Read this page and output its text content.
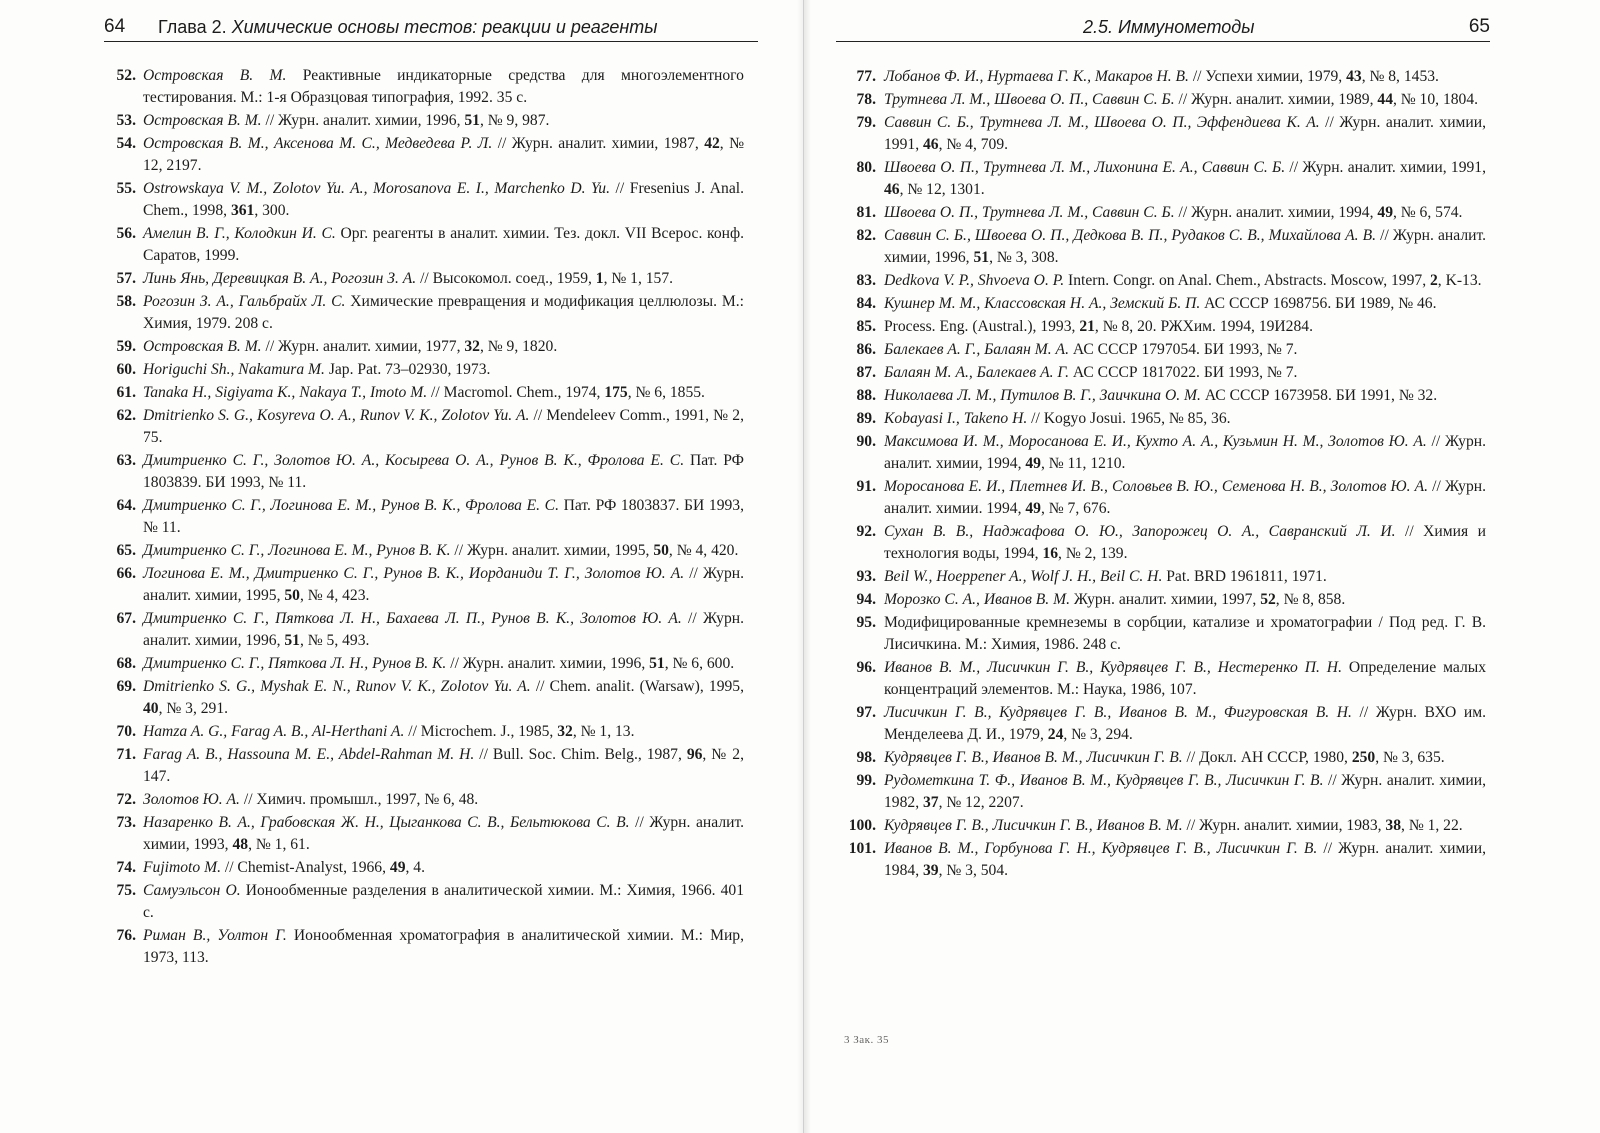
64 Глава 2. Химические основы тестов: реакции и реагенты
52. Островская В. М. Реактивные индикаторные средства для многоэлементного тестирования. М.: 1-я Образцовая типография, 1992. 35 с.
53. Островская В. М. // Журн. аналит. химии, 1996, 51, № 9, 987.
54. Островская В. М., Аксенова М. С., Медведева Р. Л. // Журн. аналит. химии, 1987, 42, № 12, 2197.
55. Ostrowskaya V. M., Zolotov Yu. A., Morosanova E. I., Marchenko D. Yu. // Fresenius J. Anal. Chem., 1998, 361, 300.
56. Амелин В. Г., Колодкин И. С. Орг. реагенты в аналит. химии. Тез. докл. VII Всерос. конф. Саратов, 1999.
57. Линь Янь, Деревицкая В. А., Рогозин З. А. // Высокомол. соед., 1959, 1, № 1, 157.
58. Рогозин З. А., Гальбрайх Л. С. Химические превращения и модификация целлюлозы. М.: Химия, 1979. 208 с.
59. Островская В. М. // Журн. аналит. химии, 1977, 32, № 9, 1820.
60. Horiguchi Sh., Nakamura M. Jap. Pat. 73–02930, 1973.
61. Tanaka H., Sigiyama K., Nakaya T., Imoto M. // Macromol. Chem., 1974, 175, № 6, 1855.
62. Dmitrienko S. G., Kosyreva O. A., Runov V. K., Zolotov Yu. A. // Mendeleev Comm., 1991, № 2, 75.
63. Дмитриенко С. Г., Золотов Ю. А., Косырева О. А., Рунов В. К., Фролова Е. С. Пат. РФ 1803839. БИ 1993, № 11.
64. Дмитриенко С. Г., Логинова Е. М., Рунов В. К., Фролова Е. С. Пат. РФ 1803837. БИ 1993, № 11.
65. Дмитриенко С. Г., Логинова Е. М., Рунов В. К. // Журн. аналит. химии, 1995, 50, № 4, 420.
66. Логинова Е. М., Дмитриенко С. Г., Рунов В. К., Иорданиди Т. Г., Золотов Ю. А. // Журн. аналит. химии, 1995, 50, № 4, 423.
67. Дмитриенко С. Г., Пяткова Л. Н., Бахаева Л. П., Рунов В. К., Золотов Ю. А. // Журн. аналит. химии, 1996, 51, № 5, 493.
68. Дмитриенко С. Г., Пяткова Л. Н., Рунов В. К. // Журн. аналит. химии, 1996, 51, № 6, 600.
69. Dmitrienko S. G., Myshak E. N., Runov V. K., Zolotov Yu. A. // Chem. analit. (Warsaw), 1995, 40, № 3, 291.
70. Hamza A. G., Farag A. B., Al-Herthani A. // Microchem. J., 1985, 32, № 1, 13.
71. Farag A. B., Hassouna M. E., Abdel-Rahman M. H. // Bull. Soc. Chim. Belg., 1987, 96, № 2, 147.
72. Золотов Ю. А. // Химич. промышл., 1997, № 6, 48.
73. Назаренко В. А., Грабовская Ж. Н., Цыганкова С. В., Бельтюкова С. В. // Журн. аналит. химии, 1993, 48, № 1, 61.
74. Fujimoto M. // Chemist-Analyst, 1966, 49, 4.
75. Самуэльсон О. Ионообменные разделения в аналитической химии. М.: Химия, 1966. 401 с.
76. Риман В., Уолтон Г. Ионообменная хроматография в аналитической химии. М.: Мир, 1973, 113.
2.5. Иммунометоды	65
77. Лобанов Ф. И., Нуртаева Г. К., Макаров Н. В. // Успехи химии, 1979, 43, № 8, 1453.
78. Трутнева Л. М., Швоева О. П., Саввин С. Б. // Журн. аналит. химии, 1989, 44, № 10, 1804.
79. Саввин С. Б., Трутнева Л. М., Швоева О. П., Эффендиева К. А. // Журн. аналит. химии, 1991, 46, № 4, 709.
80. Швоева О. П., Трутнева Л. М., Лихонина Е. А., Саввин С. Б. // Журн. аналит. химии, 1991, 46, № 12, 1301.
81. Швоева О. П., Трутнева Л. М., Саввин С. Б. // Журн. аналит. химии, 1994, 49, № 6, 574.
82. Саввин С. Б., Швоева О. П., Дедкова В. П., Рудаков С. В., Михайлова А. В. // Журн. аналит. химии, 1996, 51, № 3, 308.
83. Dedkova V. P., Shvoeva O. P. Intern. Congr. on Anal. Chem., Abstracts. Moscow, 1997, 2, K-13.
84. Кушнер М. М., Классовская Н. А., Земский Б. П. АС СССР 1698756. БИ 1989, № 46.
85. Process. Eng. (Austral.), 1993, 21, № 8, 20. РЖХим. 1994, 19И284.
86. Балекаев А. Г., Балаян М. А. АС СССР 1797054. БИ 1993, № 7.
87. Балаян М. А., Балекаев А. Г. АС СССР 1817022. БИ 1993, № 7.
88. Николаева Л. М., Путилов В. Г., Заичкина О. М. АС СССР 1673958. БИ 1991, № 32.
89. Kobayasi I., Takeno H. // Kogyo Josui. 1965, № 85, 36.
90. Максимова И. М., Моросанова Е. И., Кухто А. А., Кузьмин Н. М., Золотов Ю. А. // Журн. аналит. химии, 1994, 49, № 11, 1210.
91. Моросанова Е. И., Плетнев И. В., Соловьев В. Ю., Семенова Н. В., Золотов Ю. А. // Журн. аналит. химии. 1994, 49, № 7, 676.
92. Сухан В. В., Наджафова О. Ю., Запорожец О. А., Савранский Л. И. // Химия и технология воды, 1994, 16, № 2, 139.
93. Beil W., Hoeppener A., Wolf J. H., Beil C. H. Pat. BRD 1961811, 1971.
94. Морозко С. А., Иванов В. М. Журн. аналит. химии, 1997, 52, № 8, 858.
95. Модифицированные кремнеземы в сорбции, катализе и хроматографии / Под ред. Г. В. Лисичкина. М.: Химия, 1986. 248 с.
96. Иванов В. М., Лисичкин Г. В., Кудрявцев Г. В., Нестеренко П. Н. Определение малых концентраций элементов. М.: Наука, 1986, 107.
97. Лисичкин Г. В., Кудрявцев Г. В., Иванов В. М., Фигуровская В. Н. // Журн. ВХО им. Менделеева Д. И., 1979, 24, № 3, 294.
98. Кудрявцев Г. В., Иванов В. М., Лисичкин Г. В. // Докл. АН СССР, 1980, 250, № 3, 635.
99. Рудометкина Т. Ф., Иванов В. М., Кудрявцев Г. В., Лисичкин Г. В. // Журн. аналит. химии, 1982, 37, № 12, 2207.
100. Кудрявцев Г. В., Лисичкин Г. В., Иванов В. М. // Журн. аналит. химии, 1983, 38, № 1, 22.
101. Иванов В. М., Горбунова Г. Н., Кудрявцев Г. В., Лисичкин Г. В. // Журн. аналит. химии, 1984, 39, № 3, 504.
3 Зак. 35
